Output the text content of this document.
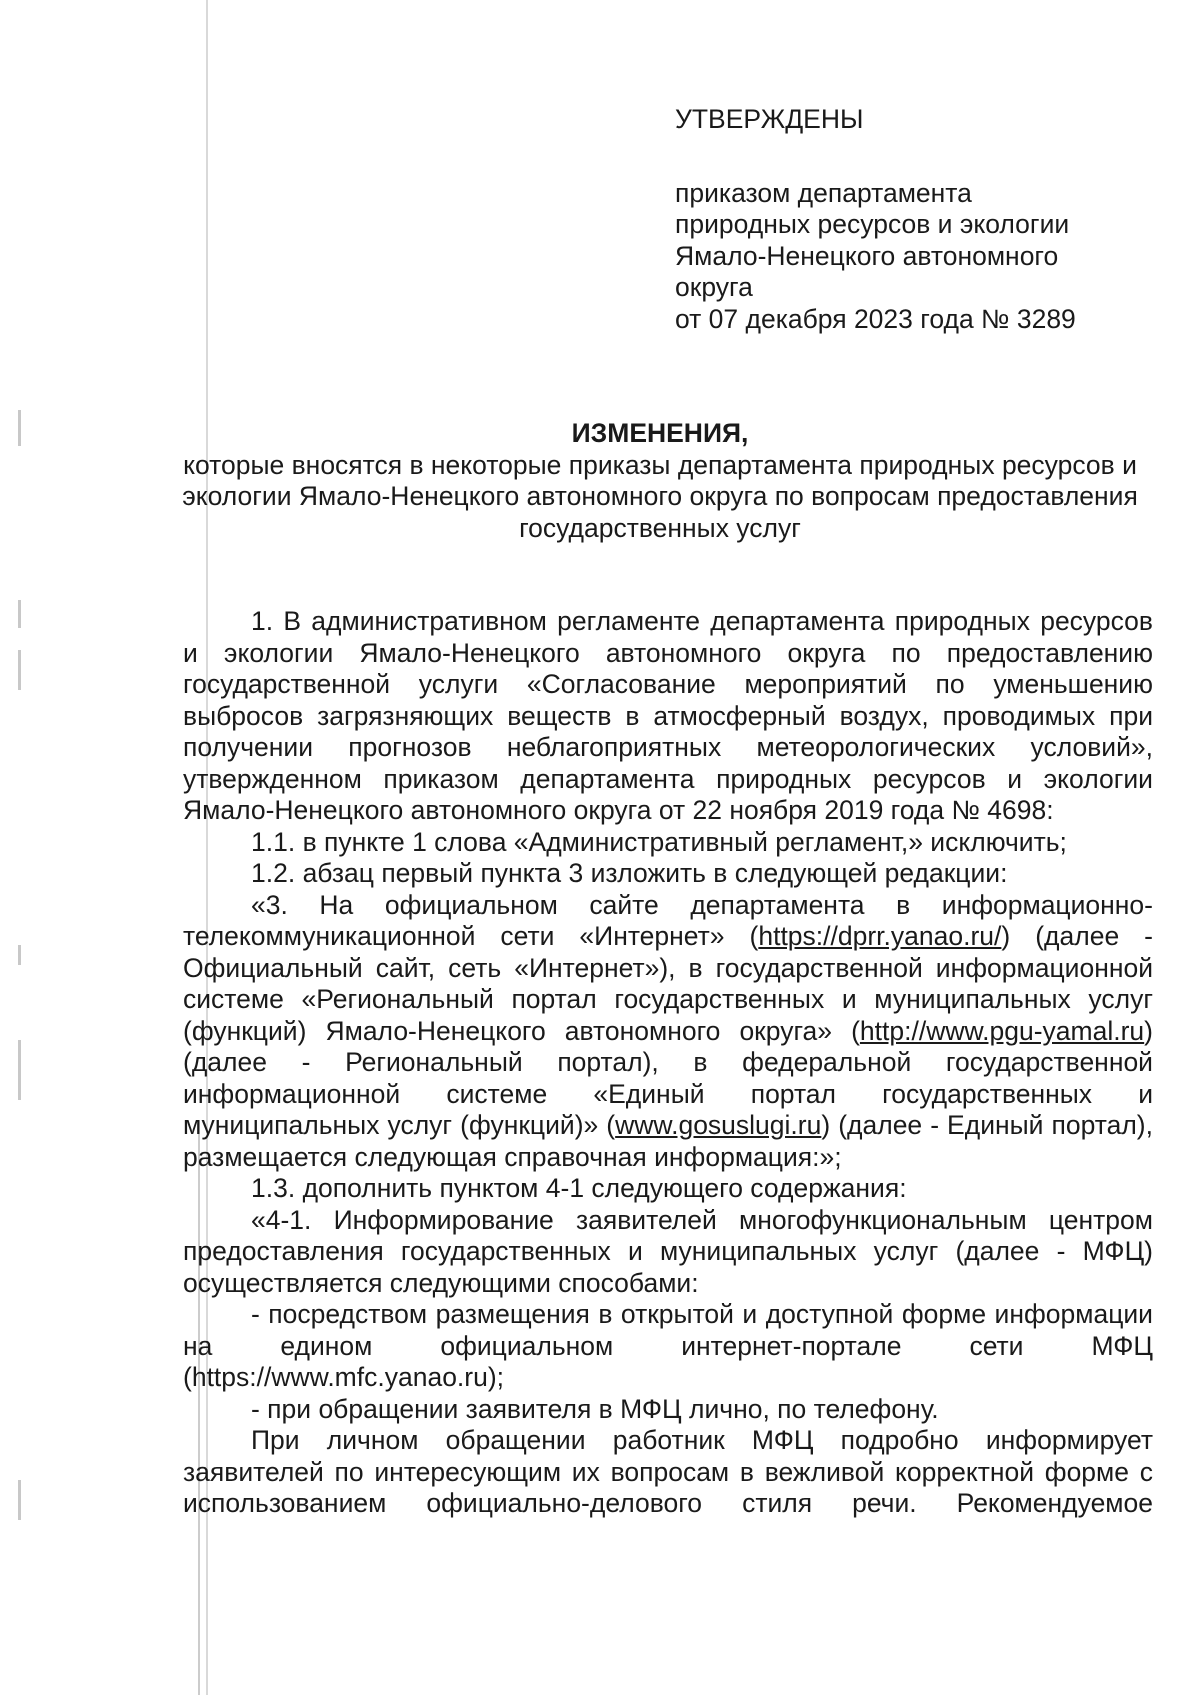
УТВЕРЖДЕНЫ
приказом департамента
природных ресурсов и экологии
Ямало-Ненецкого автономного
округа
от 07 декабря 2023 года № 3289
ИЗМЕНЕНИЯ,
которые вносятся в некоторые приказы департамента природных ресурсов и экологии Ямало-Ненецкого автономного округа по вопросам предоставления государственных услуг

1. В административном регламенте департамента природных ресурсов и экологии Ямало-Ненецкого автономного округа по предоставлению государственной услуги «Согласование мероприятий по уменьшению выбросов загрязняющих веществ в атмосферный воздух, проводимых при получении прогнозов неблагоприятных метеорологических условий», утвержденном приказом департамента природных ресурсов и экологии Ямало-Ненецкого автономного округа от 22 ноября 2019 года № 4698:

1.1. в пункте 1 слова «Административный регламент,» исключить;

1.2. абзац первый пункта 3 изложить в следующей редакции:

«3. На официальном сайте департамента в информационно-телекоммуникационной сети «Интернет» (https://dprr.yanao.ru/) (далее - Официальный сайт, сеть «Интернет»), в государственной информационной системе «Региональный портал государственных и муниципальных услуг (функций) Ямало-Ненецкого автономного округа» (http://www.pgu-yamal.ru) (далее - Региональный портал), в федеральной государственной информационной системе «Единый портал государственных и муниципальных услуг (функций)» (www.gosuslugi.ru) (далее - Единый портал), размещается следующая справочная информация:»;

1.3. дополнить пунктом 4-1 следующего содержания:

«4-1. Информирование заявителей многофункциональным центром предоставления государственных и муниципальных услуг (далее - МФЦ) осуществляется следующими способами:

- посредством размещения в открытой и доступной форме информации на едином официальном интернет-портале сети МФЦ (https://www.mfc.yanao.ru);

- при обращении заявителя в МФЦ лично, по телефону.

При личном обращении работник МФЦ подробно информирует заявителей по интересующим их вопросам в вежливой корректной форме с использованием официально-делового стиля речи. Рекомендуемое
